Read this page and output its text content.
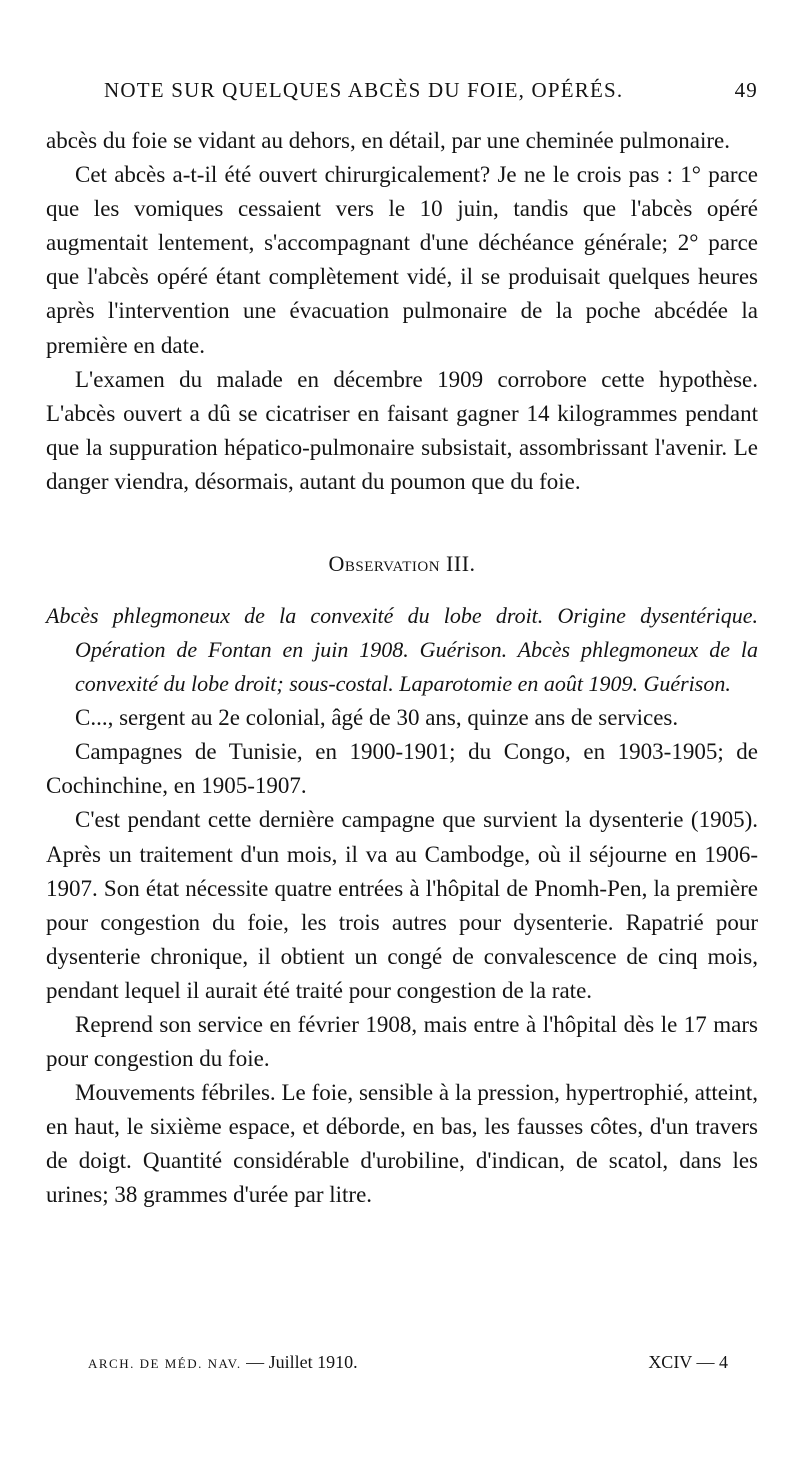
NOTE SUR QUELQUES ABCÈS DU FOIE, OPÉRÉS.	49

abcès du foie se vidant au dehors, en détail, par une cheminée pulmonaire.

Cet abcès a-t-il été ouvert chirurgicalement? Je ne le crois pas : 1° parce que les vomiques cessaient vers le 10 juin, tandis que l'abcès opéré augmentait lentement, s'accompagnant d'une déchéance générale; 2° parce que l'abcès opéré étant complètement vidé, il se produisait quelques heures après l'intervention une évacuation pulmonaire de la poche abcédée la première en date.

L'examen du malade en décembre 1909 corrobore cette hypothèse. L'abcès ouvert a dû se cicatriser en faisant gagner 14 kilogrammes pendant que la suppuration hépatico-pulmonaire subsistait, assombrissant l'avenir. Le danger viendra, désormais, autant du poumon que du foie.

Observation III.

Abcès phlegmoneux de la convexité du lobe droit. Origine dysentérique. Opération de Fontan en juin 1908. Guérison. Abcès phlegmoneux de la convexité du lobe droit; sous-costal. Laparotomie en août 1909. Guérison.

C..., sergent au 2e colonial, âgé de 30 ans, quinze ans de services.

Campagnes de Tunisie, en 1900-1901; du Congo, en 1903-1905; de Cochinchine, en 1905-1907.

C'est pendant cette dernière campagne que survient la dysenterie (1905). Après un traitement d'un mois, il va au Cambodge, où il séjourne en 1906-1907. Son état nécessite quatre entrées à l'hôpital de Pnomh-Pen, la première pour congestion du foie, les trois autres pour dysenterie. Rapatrié pour dysenterie chronique, il obtient un congé de convalescence de cinq mois, pendant lequel il aurait été traité pour congestion de la rate.

Reprend son service en février 1908, mais entre à l'hôpital dès le 17 mars pour congestion du foie.

Mouvements fébriles. Le foie, sensible à la pression, hypertrophié, atteint, en haut, le sixième espace, et déborde, en bas, les fausses côtes, d'un travers de doigt. Quantité considérable d'urobiline, d'indican, de scatol, dans les urines; 38 grammes d'urée par litre.

ARCH. DE MÉD. NAV. — Juillet 1910.	XCIV — 4
